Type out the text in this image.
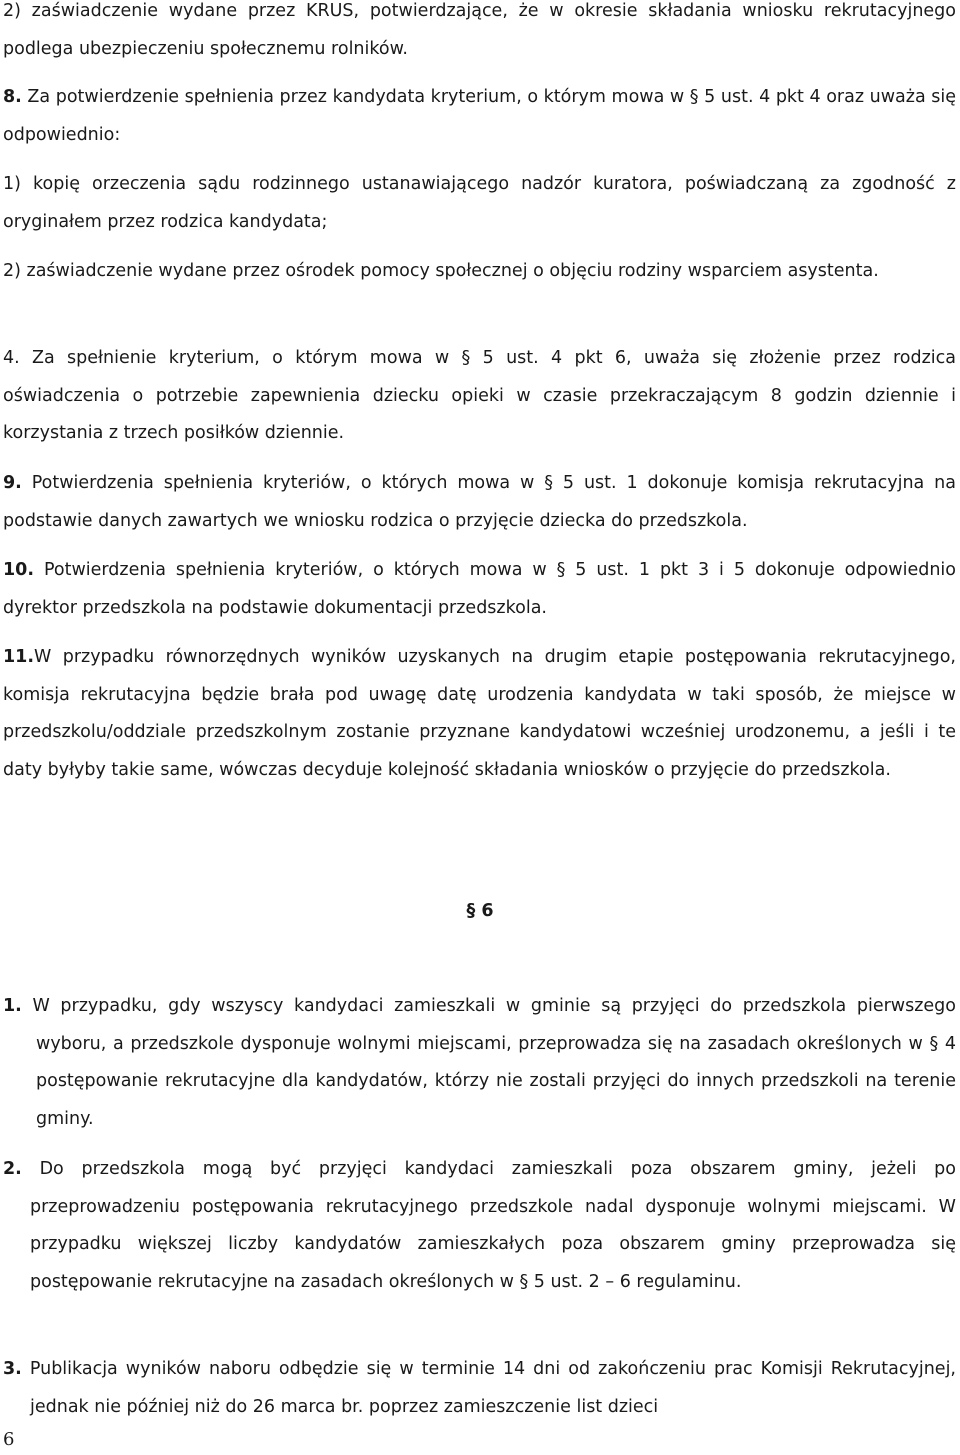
2) zaświadczenie wydane przez KRUS, potwierdzające, że w okresie składania wniosku rekrutacyjnego podlega ubezpieczeniu społecznemu rolników.

8. Za potwierdzenie spełnienia przez kandydata kryterium, o którym mowa w § 5 ust. 4 pkt 4 oraz uważa się odpowiednio:

1) kopię orzeczenia sądu rodzinnego ustanawiającego nadzór kuratora, poświadczaną za zgodność z oryginałem przez rodzica kandydata;

2) zaświadczenie wydane przez ośrodek pomocy społecznej o objęciu rodziny wsparciem asystenta.

4. Za spełnienie kryterium, o którym mowa w § 5 ust. 4 pkt 6, uważa się złożenie przez rodzica oświadczenia o potrzebie zapewnienia dziecku opieki w czasie przekraczającym 8 godzin dziennie i korzystania z trzech posiłków dziennie.

9. Potwierdzenia spełnienia kryteriów, o których mowa w § 5 ust. 1 dokonuje komisja rekrutacyjna na podstawie danych zawartych we wniosku rodzica o przyjęcie dziecka do przedszkola.

10. Potwierdzenia spełnienia kryteriów, o których mowa w § 5 ust. 1 pkt 3 i 5 dokonuje odpowiednio dyrektor przedszkola na podstawie dokumentacji przedszkola.

11.W przypadku równorzędnych wyników uzyskanych na drugim etapie postępowania rekrutacyjnego, komisja rekrutacyjna będzie brała pod uwagę datę urodzenia kandydata w taki sposób, że miejsce w przedszkolu/oddziale przedszkolnym zostanie przyznane kandydatowi wcześniej urodzonemu, a jeśli i te daty byłyby takie same, wówczas decyduje kolejność składania wniosków o przyjęcie do przedszkola.

§ 6

1. W przypadku, gdy wszyscy kandydaci zamieszkali w gminie są przyjęci do przedszkola pierwszego wyboru, a przedszkole dysponuje wolnymi miejscami, przeprowadza się na zasadach określonych w § 4 postępowanie rekrutacyjne dla kandydatów, którzy nie zostali przyjęci do innych przedszkoli na terenie gminy.

2. Do przedszkola mogą być przyjęci kandydaci zamieszkali poza obszarem gminy, jeżeli po przeprowadzeniu postępowania rekrutacyjnego przedszkole nadal dysponuje wolnymi miejscami. W przypadku większej liczby kandydatów zamieszkałych poza obszarem gminy przeprowadza się postępowanie rekrutacyjne na zasadach określonych w § 5 ust. 2 – 6 regulaminu.

3. Publikacja wyników naboru odbędzie się w terminie 14 dni od zakończeniu prac Komisji Rekrutacyjnej, jednak nie później niż do 26 marca br. poprzez zamieszczenie list dzieci

6
